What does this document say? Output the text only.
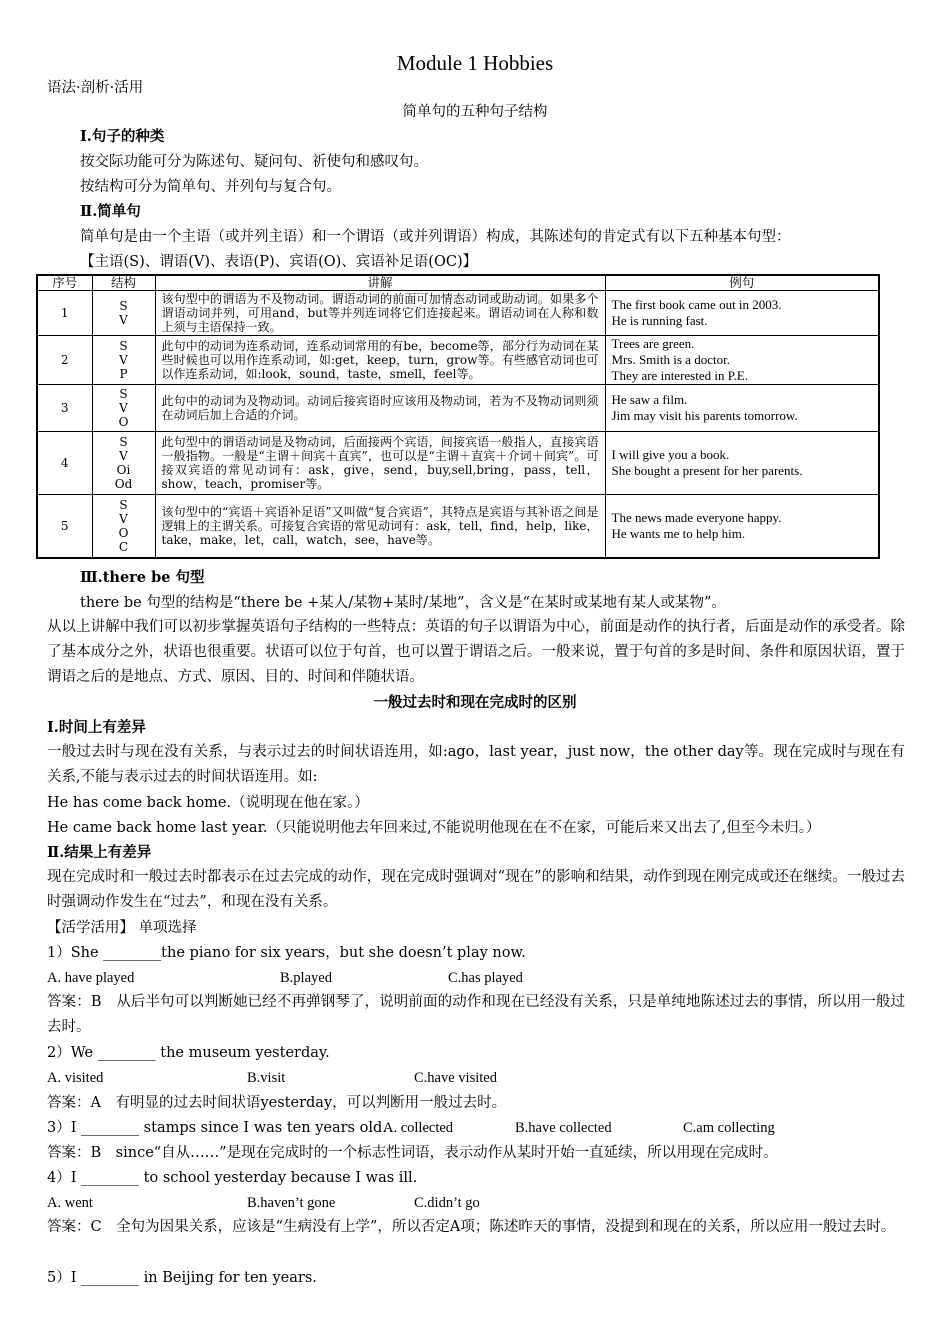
Module 1 Hobbies
语法·剖析·活用
简单句的五种句子结构
Ⅰ.句子的种类
按交际功能可分为陈述句、疑问句、祈使句和感叹句。
按结构可分为简单句、并列句与复合句。
Ⅱ.简单句
简单句是由一个主语（或并列主语）和一个谓语（或并列谓语）构成，其陈述句的肯定式有以下五种基本句型：
【主语(S)、谓语(V)、表语(P)、宾语(O)、宾语补足语(OC)】
序号	结构	讲解	例句
1	S
V	该句型中的谓语为不及物动词。谓语动词的前面可加情态动词或助动词。如果多个谓语动词并列，可用and，but等并列连词将它们连接起来。谓语动词在人称和数上须与主语保持一致。	The first book came out in 2003.
He is running fast.

2	S
V
P	此句中的动词为连系动词，连系动词常用的有be，become等，部分行为动词在某些时候也可以用作连系动词，如:get，keep，turn，grow等。有些感官动词也可以作连系动词，如:look，sound，taste，smell，feel等。	Trees are green.
Mrs. Smith is a doctor.
They are interested in P.E.

3	S
V
O	此句中的动词为及物动词。动词后接宾语时应该用及物动词，若为不及物动词则须在动词后加上合适的介词。	He saw a film.
Jim may visit his parents tomorrow.

4	S
V
Oi
Od	此句型中的谓语动词是及物动词，后面接两个宾语，间接宾语一般指人，直接宾语一般指物。一般是“主谓＋间宾＋直宾”，也可以是“主谓＋直宾＋介词＋间宾”。可接双宾语的常见动词有：ask，give，send，buy,sell,bring，pass，tell，show，teach，promiser等。	I will give you a book.
She bought a present for her parents.

5	S
V
O
C	该句型中的“宾语＋宾语补足语”又叫做“复合宾语”，其特点是宾语与其补语之间是逻辑上的主谓关系。可接复合宾语的常见动词有：ask，tell，find，help，like，take，make，let，call，watch，see，have等。	The news made everyone happy.
He wants me to help him.
Ⅲ.there be 句型
there be 句型的结构是“there be +某人/某物+某时/某地”，含义是“在某时或某地有某人或某物”。
从以上讲解中我们可以初步掌握英语句子结构的一些特点：英语的句子以谓语为中心，前面是动作的执行者，后面是动作的承受者。除了基本成分之外，状语也很重要。状语可以位于句首，也可以置于谓语之后。一般来说，置于句首的多是时间、条件和原因状语，置于谓语之后的是地点、方式、原因、目的、时间和伴随状语。
一般过去时和现在完成时的区别
Ⅰ.时间上有差异
一般过去时与现在没有关系，与表示过去的时间状语连用，如:ago，last year，just now，the other day等。现在完成时与现在有关系,不能与表示过去的时间状语连用。如:
He has come back home.（说明现在他在家。）
He came back home last year.（只能说明他去年回来过,不能说明他现在在不在家，可能后来又出去了,但至今未归。）
Ⅱ.结果上有差异
现在完成时和一般过去时都表示在过去完成的动作，现在完成时强调对“现在”的影响和结果，动作到现在刚完成或还在继续。一般过去时强调动作发生在“过去”，和现在没有关系。
【活学活用】 单项选择
1）She ________the piano for six years，but she doesn’t play now.
A. have played	B.played	C.has played
答案：B　从后半句可以判断她已经不再弹钢琴了，说明前面的动作和现在已经没有关系，只是单纯地陈述过去的事情，所以用一般过去时。
2）We ________ the museum yesterday.
A. visited	B.visit	C.have visited
答案：A　有明显的过去时间状语yesterday，可以判断用一般过去时。
3）I ________ stamps since I was ten years old.
A. collected	B.have collected	C.am collecting
答案：B　since“自从……”是现在完成时的一个标志性词语，表示动作从某时开始一直延续，所以用现在完成时。
4）I ________ to school yesterday because I was ill.
A. went	B.haven’t gone	C.didn’t go
答案：C　全句为因果关系，应该是“生病没有上学”，所以否定A项；陈述昨天的事情，没提到和现在的关系，所以应用一般过去时。
5）I ________ in Beijing for ten years.
